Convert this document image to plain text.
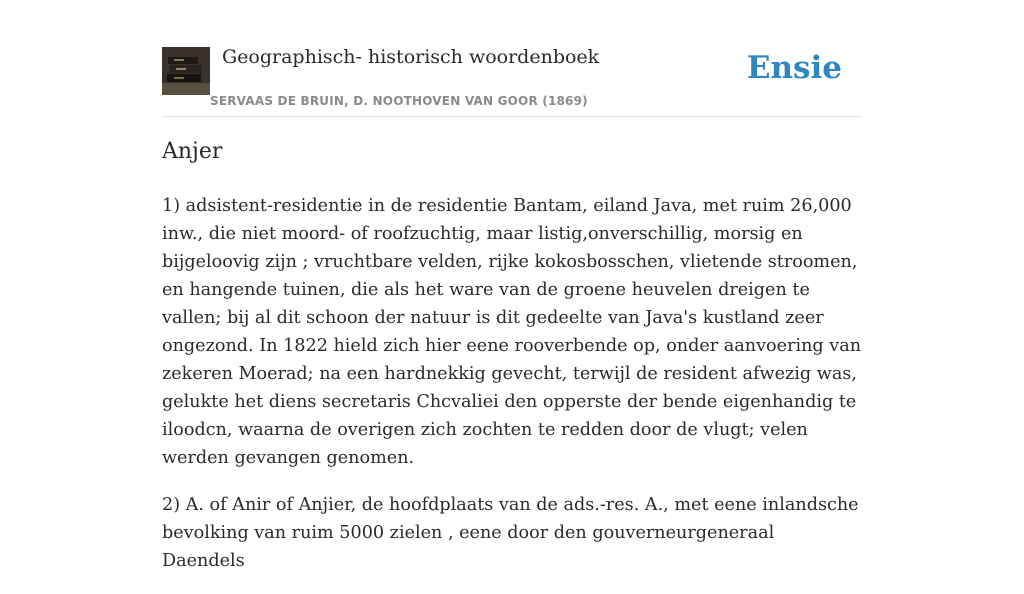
Geographisch- historisch woordenboek
SERVAAS DE BRUIN, D. NOOTHOVEN VAN GOOR (1869)
Ensie
Anjer

1) adsistent-residentie in de residentie Bantam, eiland Java, met ruim 26,000 inw., die niet moord- of roofzuchtig, maar listig,onverschillig, morsig en bijgeloovig zijn ; vruchtbare velden, rijke kokosbosschen, vlietende stroomen, en hangende tuinen, die als het ware van de groene heuvelen dreigen te vallen; bij al dit schoon der natuur is dit gedeelte van Java's kustland zeer ongezond. In 1822 hield zich hier eene rooverbende op, onder aanvoering van zekeren Moerad; na een hardnekkig gevecht, terwijl de resident afwezig was, gelukte het diens secretaris Chcvaliei den opperste der bende eigenhandig te iloodcn, waarna de overigen zich zochten te redden door de vlugt; velen werden gevangen genomen.

2) A. of Anir of Anjier, de hoofdplaats van de ads.-res. A., met eene inlandsche bevolking van ruim 5000 zielen , eene door den gouverneurgeneraal Daendels
